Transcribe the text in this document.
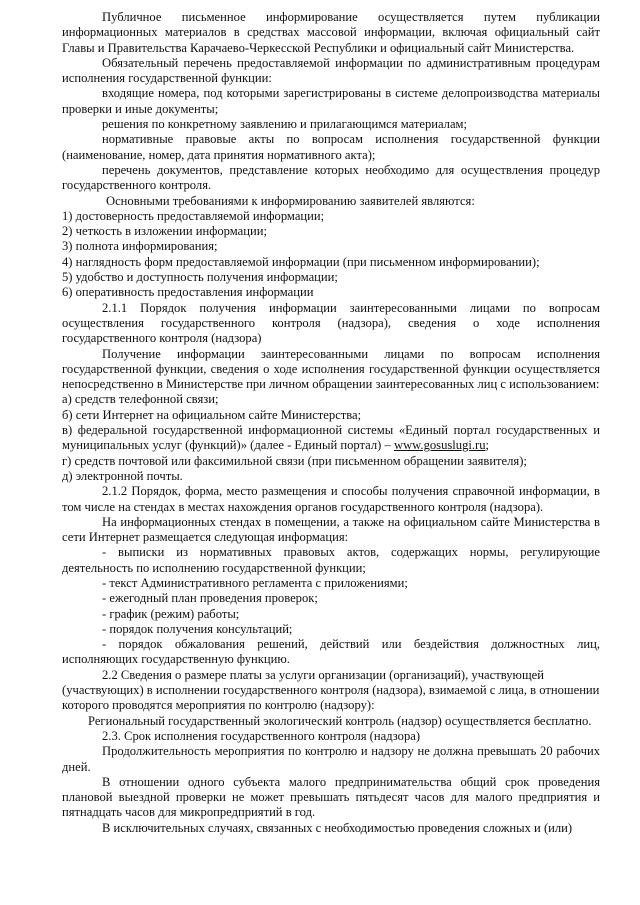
Публичное письменное информирование осуществляется путем публикации информационных материалов в средствах массовой информации, включая официальный сайт Главы и Правительства Карачаево-Черкесской Республики и официальный сайт Министерства.

Обязательный перечень предоставляемой информации по административным процедурам исполнения государственной функции:

входящие номера, под которыми зарегистрированы в системе делопроизводства материалы проверки и иные документы;

решения по конкретному заявлению и прилагающимся материалам;

нормативные правовые акты по вопросам исполнения государственной функции (наименование, номер, дата принятия нормативного акта);

перечень документов, представление которых необходимо для осуществления процедур государственного контроля.

Основными требованиями к информированию заявителей являются:

1) достоверность предоставляемой информации;

2) четкость в изложении информации;

3) полнота информирования;

4) наглядность форм предоставляемой информации (при письменном информировании);

5) удобство и доступность получения информации;

6) оперативность предоставления информации

2.1.1 Порядок получения информации заинтересованными лицами по вопросам осуществления государственного контроля (надзора), сведения о ходе исполнения государственного контроля (надзора)

Получение информации заинтересованными лицами по вопросам исполнения государственной функции, сведения о ходе исполнения государственной функции осуществляется непосредственно в Министерстве при личном обращении заинтересованных лиц с использованием:

а) средств телефонной связи;

б) сети Интернет на официальном сайте Министерства;

в) федеральной государственной информационной системы «Единый портал государственных и муниципальных услуг (функций)» (далее - Единый портал) – www.gosuslugi.ru;

г) средств почтовой или факсимильной связи (при письменном обращении заявителя);

д) электронной почты.

2.1.2 Порядок, форма, место размещения и способы получения справочной информации, в том числе на стендах в местах нахождения органов государственного контроля (надзора).

На информационных стендах в помещении, а также на официальном сайте Министерства в сети Интернет размещается следующая информация:

- выписки из нормативных правовых актов, содержащих нормы, регулирующие деятельность по исполнению государственной функции;

- текст Административного регламента с приложениями;

- ежегодный план проведения проверок;

- график (режим) работы;

- порядок получения консультаций;

- порядок обжалования решений, действий или бездействия должностных лиц, исполняющих государственную функцию.

2.2 Сведения о размере платы за услуги организации (организаций), участвующей (участвующих) в исполнении государственного контроля (надзора), взимаемой с лица, в отношении которого проводятся мероприятия по контролю (надзору):

Региональный государственный экологический контроль (надзор) осуществляется бесплатно.

2.3. Срок исполнения государственного контроля (надзора)

Продолжительность мероприятия по контролю и надзору не должна превышать 20 рабочих дней.

В отношении одного субъекта малого предпринимательства общий срок проведения плановой выездной проверки не может превышать пятьдесят часов для малого предприятия и пятнадцать часов для микропредприятий в год.

В исключительных случаях, связанных с необходимостью проведения сложных и (или)
